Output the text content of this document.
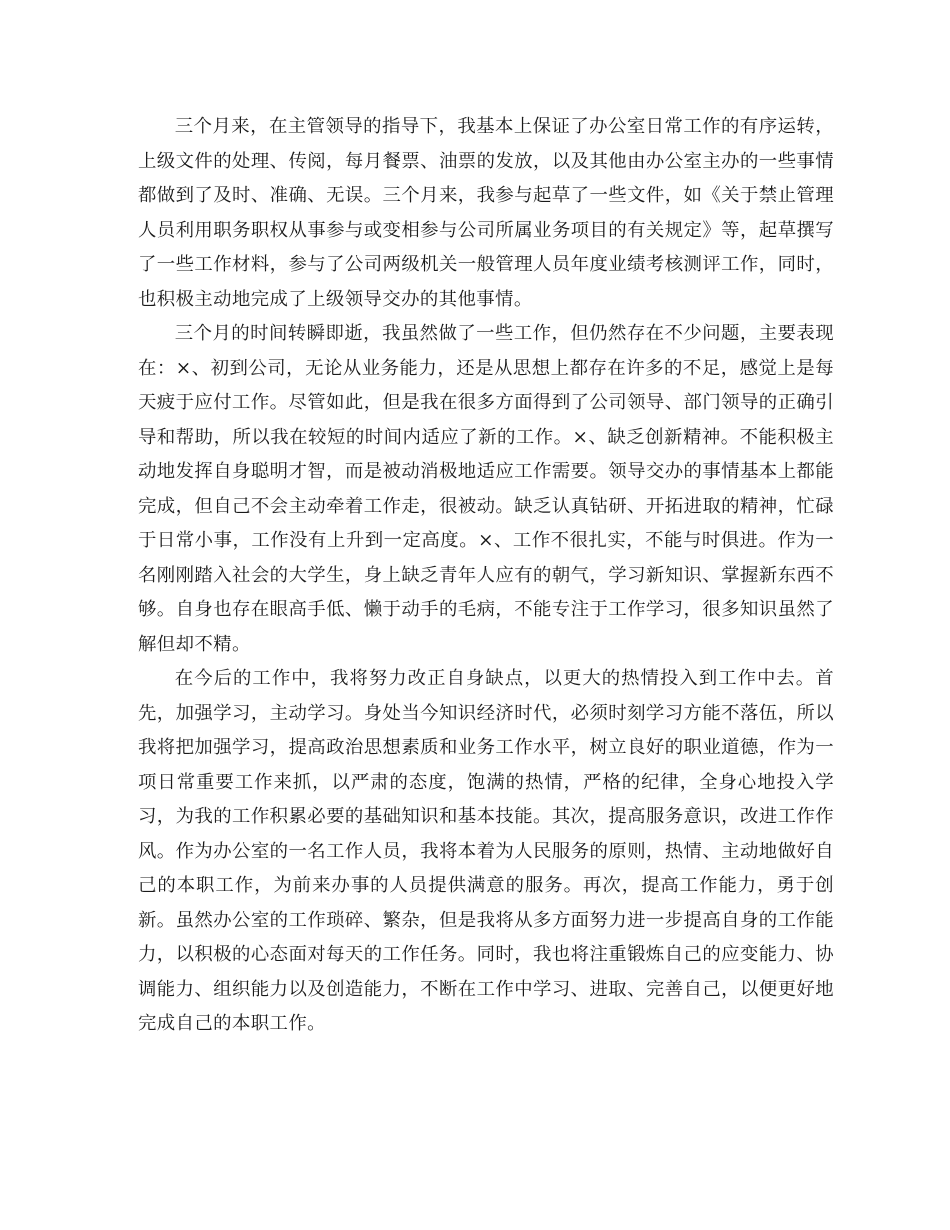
三个月来，在主管领导的指导下，我基本上保证了办公室日常工作的有序运转，上级文件的处理、传阅，每月餐票、油票的发放，以及其他由办公室主办的一些事情都做到了及时、准确、无误。三个月来，我参与起草了一些文件，如《关于禁止管理人员利用职务职权从事参与或变相参与公司所属业务项目的有关规定》等，起草撰写了一些工作材料，参与了公司两级机关一般管理人员年度业绩考核测评工作，同时，也积极主动地完成了上级领导交办的其他事情。

三个月的时间转瞬即逝，我虽然做了一些工作，但仍然存在不少问题，主要表现在：×、初到公司，无论从业务能力，还是从思想上都存在许多的不足，感觉上是每天疲于应付工作。尽管如此，但是我在很多方面得到了公司领导、部门领导的正确引导和帮助，所以我在较短的时间内适应了新的工作。×、缺乏创新精神。不能积极主动地发挥自身聪明才智，而是被动消极地适应工作需要。领导交办的事情基本上都能完成，但自己不会主动牵着工作走，很被动。缺乏认真钻研、开拓进取的精神，忙碌于日常小事，工作没有上升到一定高度。×、工作不很扎实，不能与时俱进。作为一名刚刚踏入社会的大学生，身上缺乏青年人应有的朝气，学习新知识、掌握新东西不够。自身也存在眼高手低、懒于动手的毛病，不能专注于工作学习，很多知识虽然了解但却不精。

在今后的工作中，我将努力改正自身缺点，以更大的热情投入到工作中去。首先，加强学习，主动学习。身处当今知识经济时代，必须时刻学习方能不落伍，所以我将把加强学习，提高政治思想素质和业务工作水平，树立良好的职业道德，作为一项日常重要工作来抓，以严肃的态度，饱满的热情，严格的纪律，全身心地投入学习，为我的工作积累必要的基础知识和基本技能。其次，提高服务意识，改进工作作风。作为办公室的一名工作人员，我将本着为人民服务的原则，热情、主动地做好自己的本职工作，为前来办事的人员提供满意的服务。再次，提高工作能力，勇于创新。虽然办公室的工作琐碎、繁杂，但是我将从多方面努力进一步提高自身的工作能力，以积极的心态面对每天的工作任务。同时，我也将注重锻炼自己的应变能力、协调能力、组织能力以及创造能力，不断在工作中学习、进取、完善自己，以便更好地完成自己的本职工作。
